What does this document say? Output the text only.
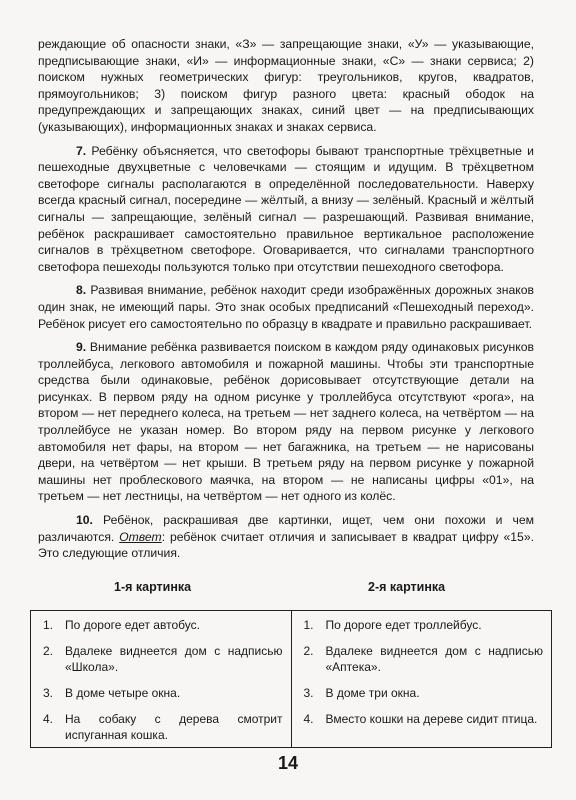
реждающие об опасности знаки, «З» — запрещающие знаки, «У» — указывающие, предписывающие знаки, «И» — информационные знаки, «С» — знаки сервиса; 2) поиском нужных геометрических фигур: треугольников, кругов, квадратов, прямоугольников; 3) поиском фигур разного цвета: красный ободок на предупреждающих и запрещающих знаках, синий цвет — на предписывающих (указывающих), информационных знаках и знаках сервиса.

7. Ребёнку объясняется, что светофоры бывают транспортные трёхцветные и пешеходные двухцветные с человечками — стоящим и идущим. В трёхцветном светофоре сигналы располагаются в определённой последовательности. Наверху всегда красный сигнал, посередине — жёлтый, а внизу — зелёный. Красный и жёлтый сигналы — запрещающие, зелёный сигнал — разрешающий. Развивая внимание, ребёнок раскрашивает самостоятельно правильное вертикальное расположение сигналов в трёхцветном светофоре. Оговаривается, что сигналами транспортного светофора пешеходы пользуются только при отсутствии пешеходного светофора.

8. Развивая внимание, ребёнок находит среди изображённых дорожных знаков один знак, не имеющий пары. Это знак особых предписаний «Пешеходный переход». Ребёнок рисует его самостоятельно по образцу в квадрате и правильно раскрашивает.

9. Внимание ребёнка развивается поиском в каждом ряду одинаковых рисунков троллейбуса, легкового автомобиля и пожарной машины. Чтобы эти транспортные средства были одинаковые, ребёнок дорисовывает отсутствующие детали на рисунках. В первом ряду на одном рисунке у троллейбуса отсутствуют «рога», на втором — нет переднего колеса, на третьем — нет заднего колеса, на четвёртом — на троллейбусе не указан номер. Во втором ряду на первом рисунке у легкового автомобиля нет фары, на втором — нет багажника, на третьем — не нарисованы двери, на четвёртом — нет крыши. В третьем ряду на первом рисунке у пожарной машины нет проблескового маячка, на втором — не написаны цифры «01», на третьем — нет лестницы, на четвёртом — нет одного из колёс.

10. Ребёнок, раскрашивая две картинки, ищет, чем они похожи и чем различаются. Ответ: ребёнок считает отличия и записывает в квадрат цифру «15». Это следующие отличия.

1-я картинка	2-я картинка
1. По дороге едет автобус.	1. По дороге едет троллейбус.

2. Вдалеке виднеется дом с надписью «Школа».	2. Вдалеке виднеется дом с надписью «Аптека».

3. В доме четыре окна.	3. В доме три окна.

4. На собаку с дерева смотрит испуганная кошка.	4. Вместо кошки на дереве сидит птица.
14
